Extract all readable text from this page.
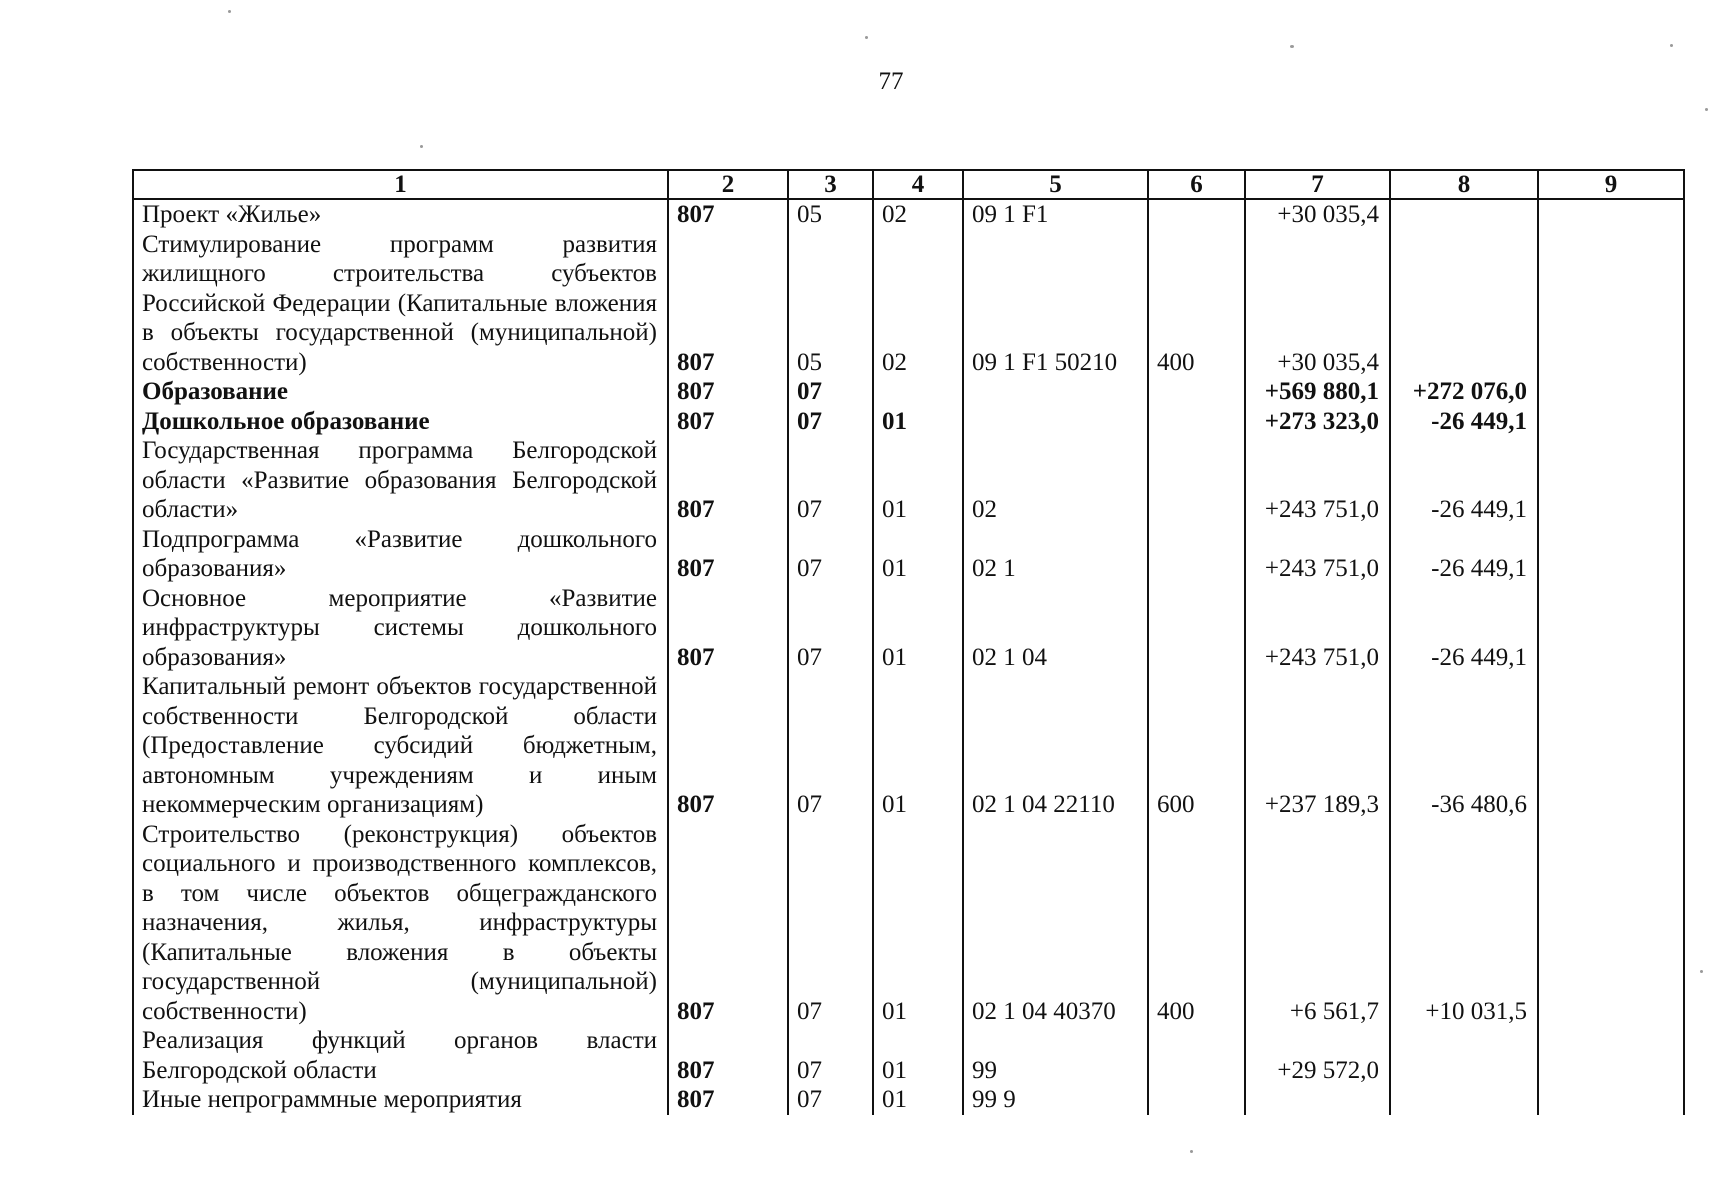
77
1	2	3	4	5	6	7	8	9
Проект «Жилье»	807	05	02	09 1 F1		+30 035,4		
Стимулирование программ развития жилищного строительства субъектов Российской Федерации (Капитальные вложения в объекты государственной (муниципальной) собственности)	807	05	02	09 1 F1 50210	400	+30 035,4		
Образование	807	07				+569 880,1	+272 076,0	
Дошкольное образование	807	07	01			+273 323,0	-26 449,1	
Государственная программа Белгородской области «Развитие образования Белгородской области»	807	07	01	02		+243 751,0	-26 449,1	
Подпрограмма «Развитие дошкольного образования»	807	07	01	02 1		+243 751,0	-26 449,1	
Основное мероприятие «Развитие инфраструктуры системы дошкольного образования»	807	07	01	02 1 04		+243 751,0	-26 449,1	
Капитальный ремонт объектов государственной собственности Белгородской области (Предоставление субсидий бюджетным, автономным учреждениям и иным некоммерческим организациям)	807	07	01	02 1 04 22110	600	+237 189,3	-36 480,6	
Строительство (реконструкция) объектов социального и производственного комплексов, в том числе объектов общегражданского назначения, жилья, инфраструктуры (Капитальные вложения в объекты государственной (муниципальной) собственности)	807	07	01	02 1 04 40370	400	+6 561,7	+10 031,5	
Реализация функций органов власти Белгородской области	807	07	01	99		+29 572,0		
Иные непрограммные мероприятия	807	07	01	99 9				
